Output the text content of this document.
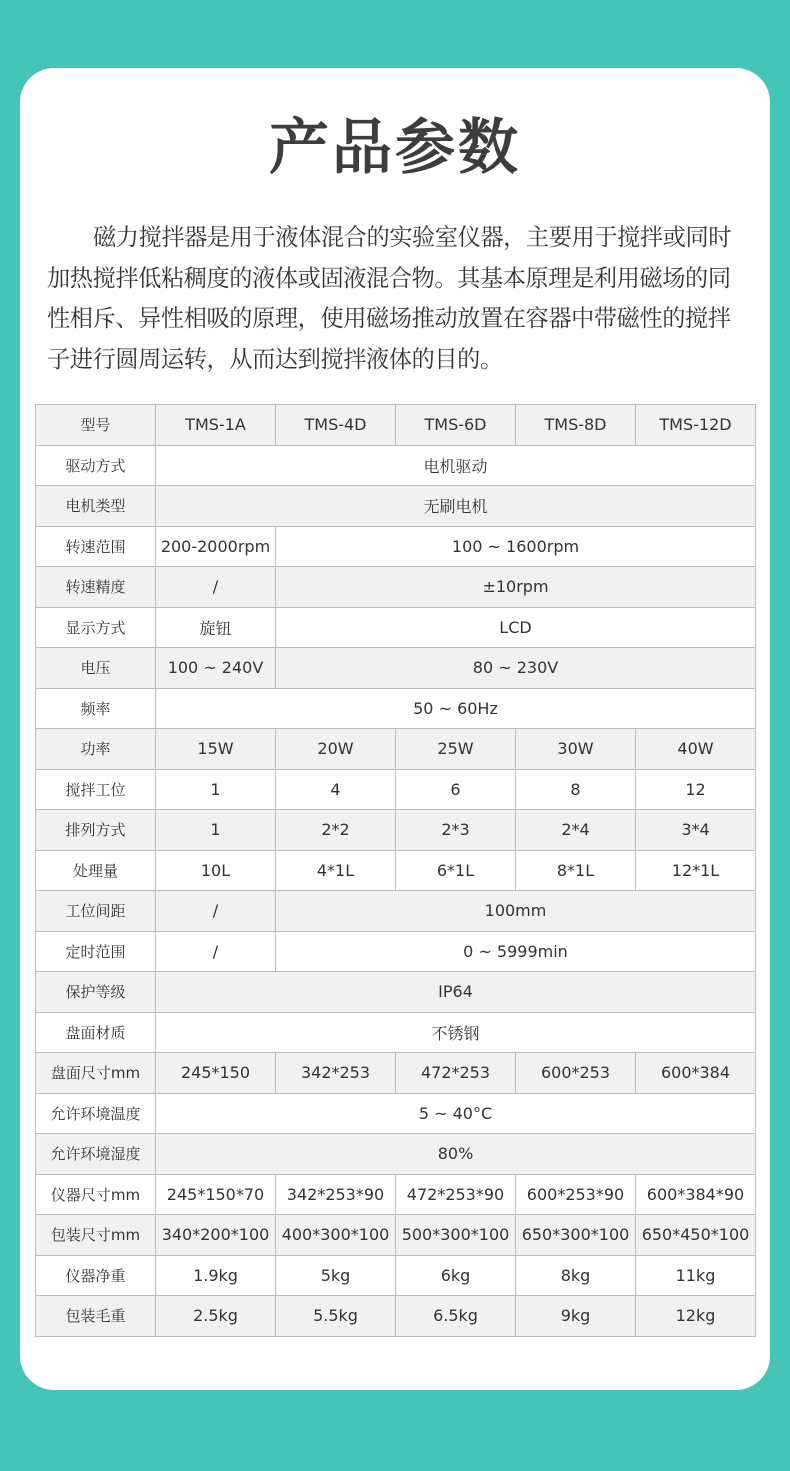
产品参数

磁力搅拌器是用于液体混合的实验室仪器，主要用于搅拌或同时加热搅拌低粘稠度的液体或固液混合物。其基本原理是利用磁场的同性相斥、异性相吸的原理，使用磁场推动放置在容器中带磁性的搅拌子进行圆周运转，从而达到搅拌液体的目的。

型号	TMS-1A	TMS-4D	TMS-6D	TMS-8D	TMS-12D
驱动方式	电机驱动				
电机类型	无刷电机				
转速范围	200-2000rpm	100 ~ 1600rpm			
转速精度	/	±10rpm			
显示方式	旋钮	LCD			
电压	100 ~ 240V	80 ~ 230V			
频率	50 ~ 60Hz				
功率	15W	20W	25W	30W	40W
搅拌工位	1	4	6	8	12
排列方式	1	2*2	2*3	2*4	3*4
处理量	10L	4*1L	6*1L	8*1L	12*1L
工位间距	/	100mm			
定时范围	/	0 ~ 5999min			
保护等级	IP64				
盘面材质	不锈钢				
盘面尺寸mm	245*150	342*253	472*253	600*253	600*384
允许环境温度	5 ~ 40°C				
允许环境湿度	80%				
仪器尺寸mm	245*150*70	342*253*90	472*253*90	600*253*90	600*384*90
包装尺寸mm	340*200*100	400*300*100	500*300*100	650*300*100	650*450*100
仪器净重	1.9kg	5kg	6kg	8kg	11kg
包装毛重	2.5kg	5.5kg	6.5kg	9kg	12kg
